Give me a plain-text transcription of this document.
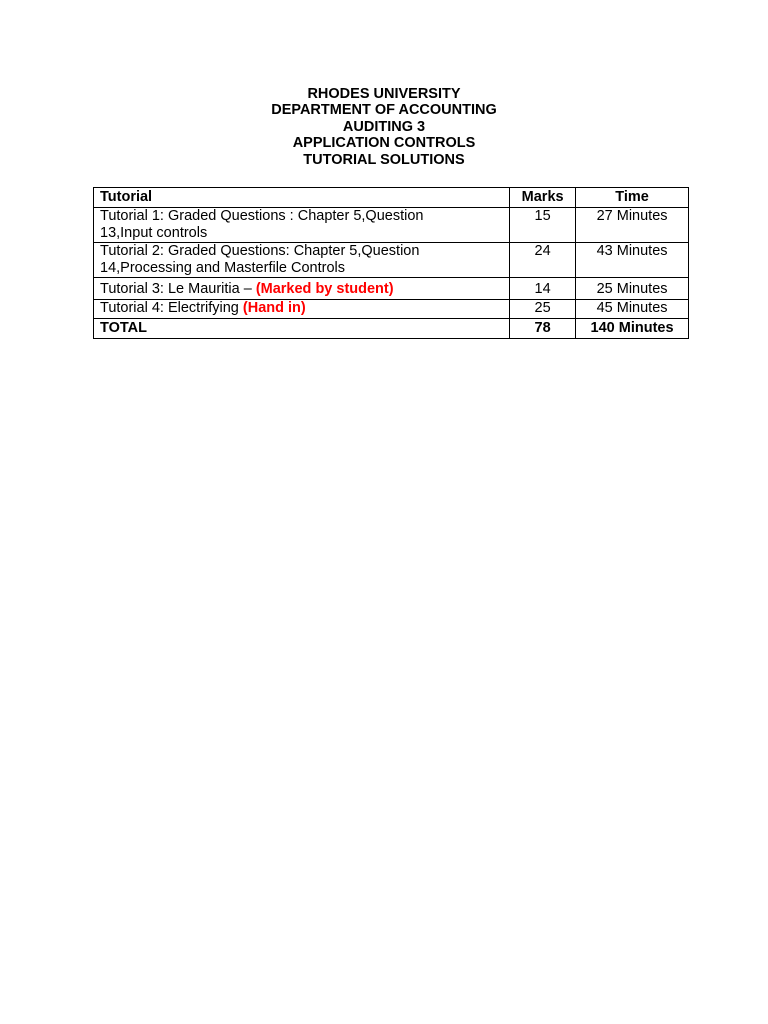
RHODES UNIVERSITY
DEPARTMENT OF ACCOUNTING
AUDITING 3
APPLICATION CONTROLS
TUTORIAL SOLUTIONS
Tutorial	Marks	Time

Tutorial 1: Graded Questions : Chapter 5,Question
13,Input controls	15	27 Minutes

Tutorial 2: Graded Questions: Chapter 5,Question
14,Processing and Masterfile Controls	24	43 Minutes
Tutorial 3: Le Mauritia – (Marked by student)	14	25 Minutes
Tutorial 4: Electrifying (Hand in)	25	45 Minutes
TOTAL	78	140 Minutes
